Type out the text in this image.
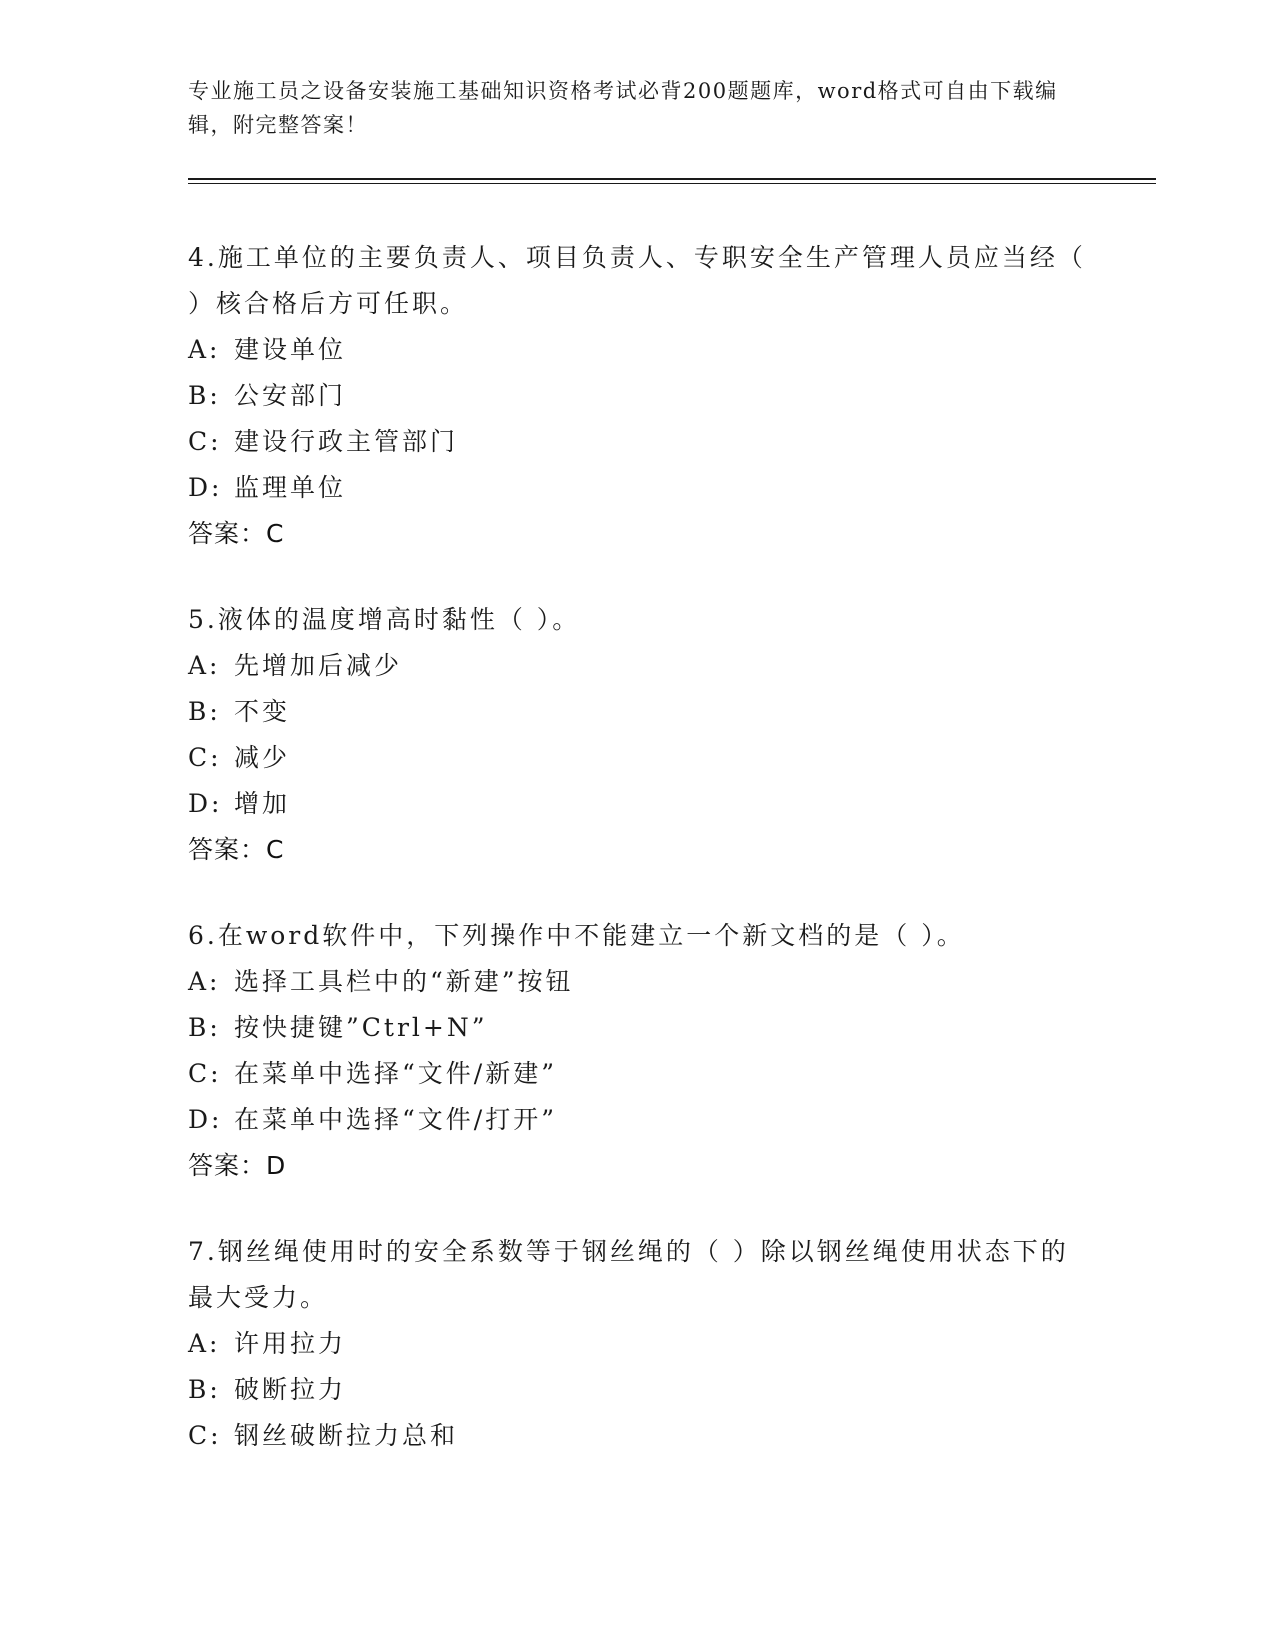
专业施工员之设备安装施工基础知识资格考试必背200题题库，word格式可自由下载编辑，附完整答案！
4.施工单位的主要负责人、项目负责人、专职安全生产管理人员应当经（ ）核合格后方可任职。
A: 建设单位
B: 公安部门
C: 建设行政主管部门
D: 监理单位
答案：C
5.液体的温度增高时黏性（ ）。
A: 先增加后减少
B: 不变
C: 减少
D: 增加
答案：C
6.在word软件中，下列操作中不能建立一个新文档的是（ ）。
A: 选择工具栏中的“新建”按钮
B: 按快捷键”Ctrl+N”
C: 在菜单中选择“文件/新建”
D: 在菜单中选择“文件/打开”
答案：D
7.钢丝绳使用时的安全系数等于钢丝绳的（ ）除以钢丝绳使用状态下的最大受力。
A: 许用拉力
B: 破断拉力
C: 钢丝破断拉力总和
